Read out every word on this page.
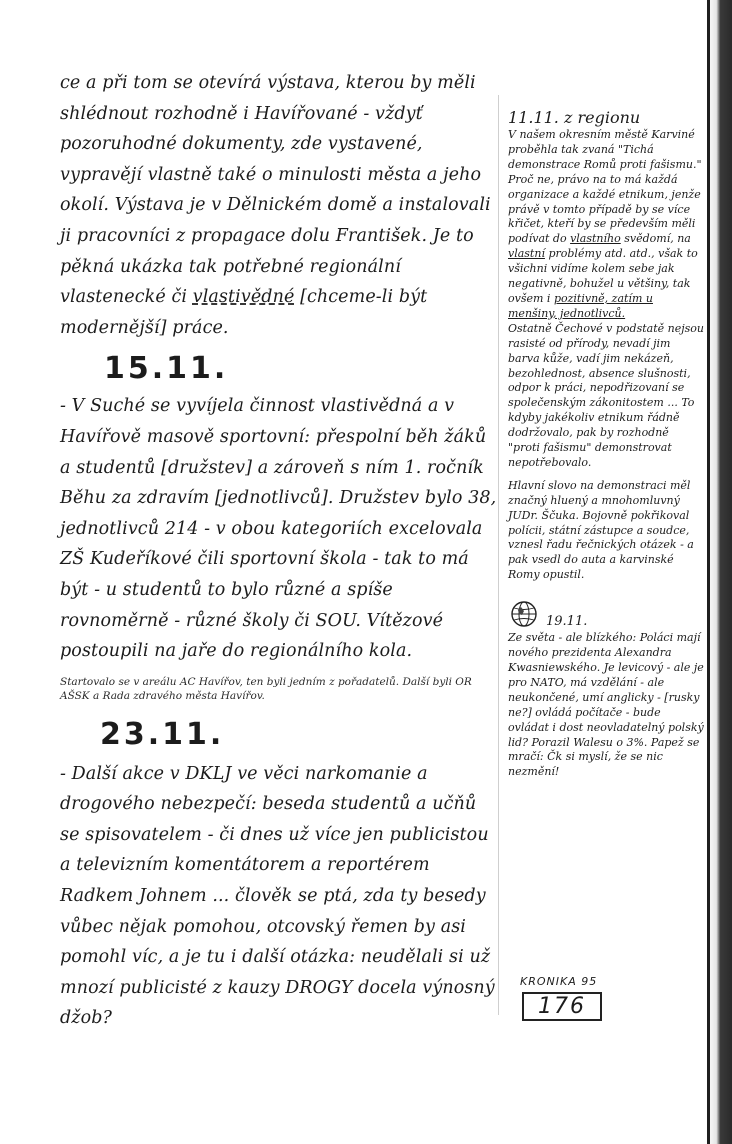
ce a při tom se otevírá výstava, kterou by měli shlédnout rozhodně i Havířované - vždyť pozoruhodné dokumenty, zde vystavené, vypravějí vlastně také o minulosti města a jeho okolí. Výstava je v Dělnickém domě a instalovali ji pracovníci z propagace dolu František. Je to pěkná ukázka tak potřebné regionální vlastenecké či vlastivědné [chceme-li být modernější] práce.

15.11.

- V Suché se vyvíjela činnost vlastivědná a v Havířově masově sportovní: přespolní běh žáků a studentů [družstev] a zároveň s ním 1. ročník Běhu za zdravím [jednotlivců]. Družstev bylo 38, jednotlivců 214 - v obou kategoriích excelovala ZŠ Kudeříkové čili sportovní škola - tak to má být - u studentů to bylo různé a spíše rovnoměrně - různé školy či SOU. Vítězové postoupili na jaře do regionálního kola.

Startovalo se v areálu AC Havířov, ten byli jedním z pořadatelů. Další byli OR AŠSK a Rada zdravého města Havířov.
23.11.

- Další akce v DKLJ ve věci narkomanie a drogového nebezpečí: beseda studentů a učňů se spisovatelem - či dnes už více jen publicistou a televizním komentátorem a reportérem Radkem Johnem ... člověk se ptá, zda ty besedy vůbec nějak pomohou, otcovský řemen by asi pomohl víc, a je tu i další otázka: neudělali si už mnozí publicisté z kauzy DROGY docela výnosný džob?

11.11. z regionu

V našem okresním městě Karviné proběhla tak zvaná "Tichá demonstrace Romů proti fašismu." Proč ne, právo na to má každá organizace a každé etnikum, jenže právě v tomto případě by se více křičet, kteří by se především měli podívat do vlastního svědomí, na vlastní problémy atd. atd., však to všichni vidíme kolem sebe jak negativně, bohužel u většiny, tak ovšem i pozitivně, zatím u menšiny, jednotlivců.

Ostatně Čechové v podstatě nejsou rasisté od přírody, nevadí jim barva kůže, vadí jim nekázeň, bezohlednost, absence slušnosti, odpor k práci, nepodřizovaní se společenským zákonitostem ... To kdyby jakékoliv etnikum řádně dodržovalo, pak by rozhodně "proti fašismu" demonstrovat nepotřebovalo.

Hlavní slovo na demonstraci měl značný hluený a mnohomluvný JUDr. Ščuka. Bojovně pokřikoval polícii, státní zástupce a soudce, vznesl řadu řečnických otázek - a pak vsedl do auta a karvinské Romy opustil.

19.11.

Ze světa - ale blízkého: Poláci mají nového prezidenta Alexandra Kwasniewského. Je levicový - ale je pro NATO, má vzdělání - ale neukončené, umí anglicky - [rusky ne?] ovládá počítače - bude ovládat i dost neovladatelný polský lid? Porazil Walesu o 3%. Papež se mračí: Čk si myslí, že se nic nezmění!

KRONIKA 95
176
